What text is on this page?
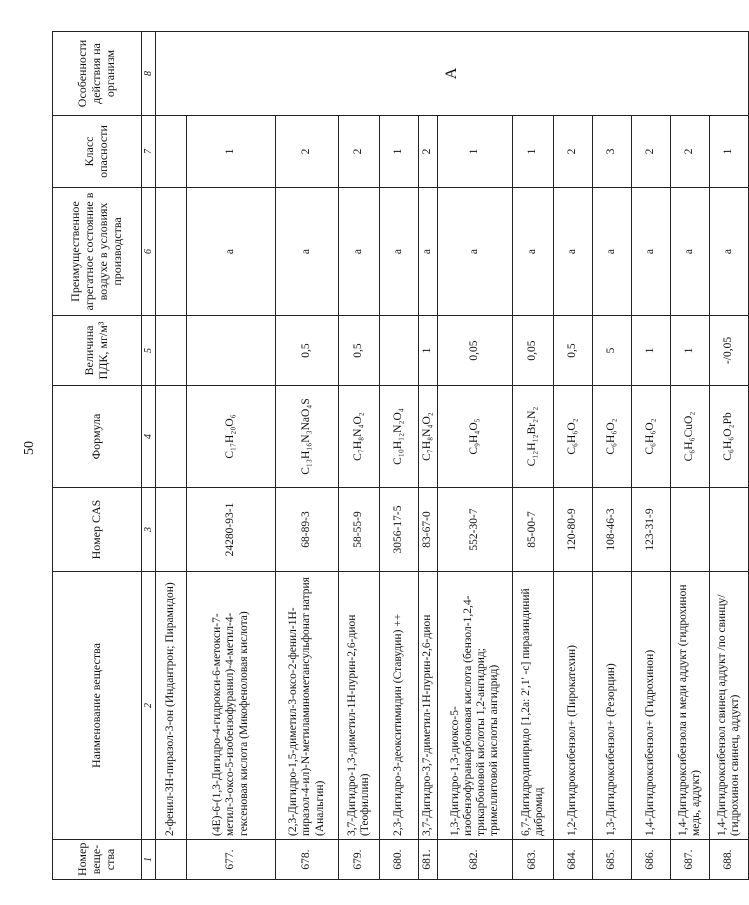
50
Номер веще-ства	Наименование вещества	Номер CAS	Формула	Величина ПДК, мг/м³	Преимущественное агрегатное состояние в воздухе в условиях производства	Класс опасности	Особенности действия на организм
1	2	3	4	5	6	7	8
	2-фенил-3Н-пиразол-3-он (Индантрон; Пирамидон)						А
677.	(4Е)-6-(1,3-Дигидро-4-гидрокси-6-метокси-7-метил-3-оксо-5-изобензофуранил)-4-метил-4-гексеновая кислота (Микофеноловая кислота)	24280-93-1	C₁₇H₂₀O₆		а	1	
678.	(2,3-Дигидро-1,5-диметил-3-оксо-2-фенил-1Н-пиразол-4-ил)-N-метиламинометансульфонат натрия (Анальгин)	68-89-3	C₁₃H₁₆N₃NaO₄S	0,5	а	2	
679.	3,7-Дигидро-1,3-диметил-1Н-пурин-2,6-дион (Теофиллин)	58-55-9	C₇H₈N₄O₂	0,5	а	2	
680.	2,3-Дигидро-3-деокситимидин (Ставудин) ++	3056-17-5	C₁₀H₁₂N₂O₄		а	1	
681.	3,7-Дигидро-3,7-диметил-1Н-пурин-2,6-дион	83-67-0	C₇H₈N₄O₂	1	а	2	
682.	1,3-Дигидро-1,3-диоксо-5- изобензофуранкарбоновая кислота (бензол-1,2,4-трикарбоновой кислоты 1,2-ангидрид; тримеллитовой кислоты ангидрид)	552-30-7	C₉H₄O₅	0,05	а	1	
683.	6,7-Дигидродипиридо [1,2а: 2',1' -с] пиразиндиний дибромид	85-00-7	C₁₂H₁₂Br₂N₂	0,05	а	1	
684.	1,2-Дигидроксибензол+ (Пирокатехин)	120-80-9	C₆H₆O₂	0,5	а	2	
685.	1,3-Дигидроксибензол+ (Резорцин)	108-46-3	C₆H₆O₂	5	а	3	
686.	1,4-Дигидроксибензол+ (Гидрохинон)	123-31-9	C₆H₆O₂	1	а	2	
687.	1,4-Дигидроксибензола и меди аддукт (гидрохинон медь, аддукт)		C₆H₆CuO₂	1	а	2	
688.	1,4-Дигидроксибензол свинец аддукт /по свинцу/ (гидрохинон свинец, аддукт)		C₆H₆O₂Pb	-/0,05	а	1	
